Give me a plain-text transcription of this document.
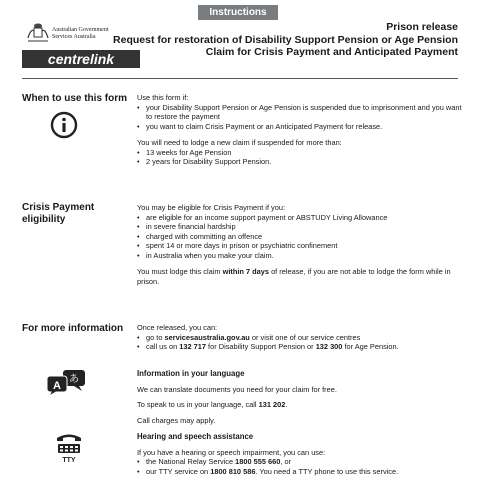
Instructions
Australian Government
Services Australia
centrelink
Prison release
Request for restoration of Disability Support Pension or Age Pension
Claim for Crisis Payment and Anticipated Payment
When to use this form Use this form if:

• your Disability Support Pension or Age Pension is suspended due to imprisonment and you want to restore the payment
• you want to claim Crisis Payment or an Anticipated Payment for release.

You will need to lodge a new claim if suspended for more than:

• 13 weeks for Age Pension
• 2 years for Disability Support Pension.
Crisis Payment
eligibility

You may be eligible for Crisis Payment if you:

• are eligible for an income support payment or ABSTUDY Living Allowance
• in severe financial hardship
• charged with committing an offence
• spent 14 or more days in prison or psychiatric confinement
• in Australia when you make your claim.

You must lodge this claim within 7 days of release, if you are not able to lodge the form while in prison.

For more information Once released, you can:

• go to servicesaustralia.gov.au or visit one of our service centres
• call us on 132 717 for Disability Support Pension or 132 300 for Age Pension.
あ
A

Information in your language

We can translate documents you need for your claim for free.

To speak to us in your language, call 131 202.

Call charges may apply.

TTY

Hearing and speech assistance

If you have a hearing or speech impairment, you can use:

• the National Relay Service 1800 555 660, or
• our TTY service on 1800 810 586. You need a TTY phone to use this service.
